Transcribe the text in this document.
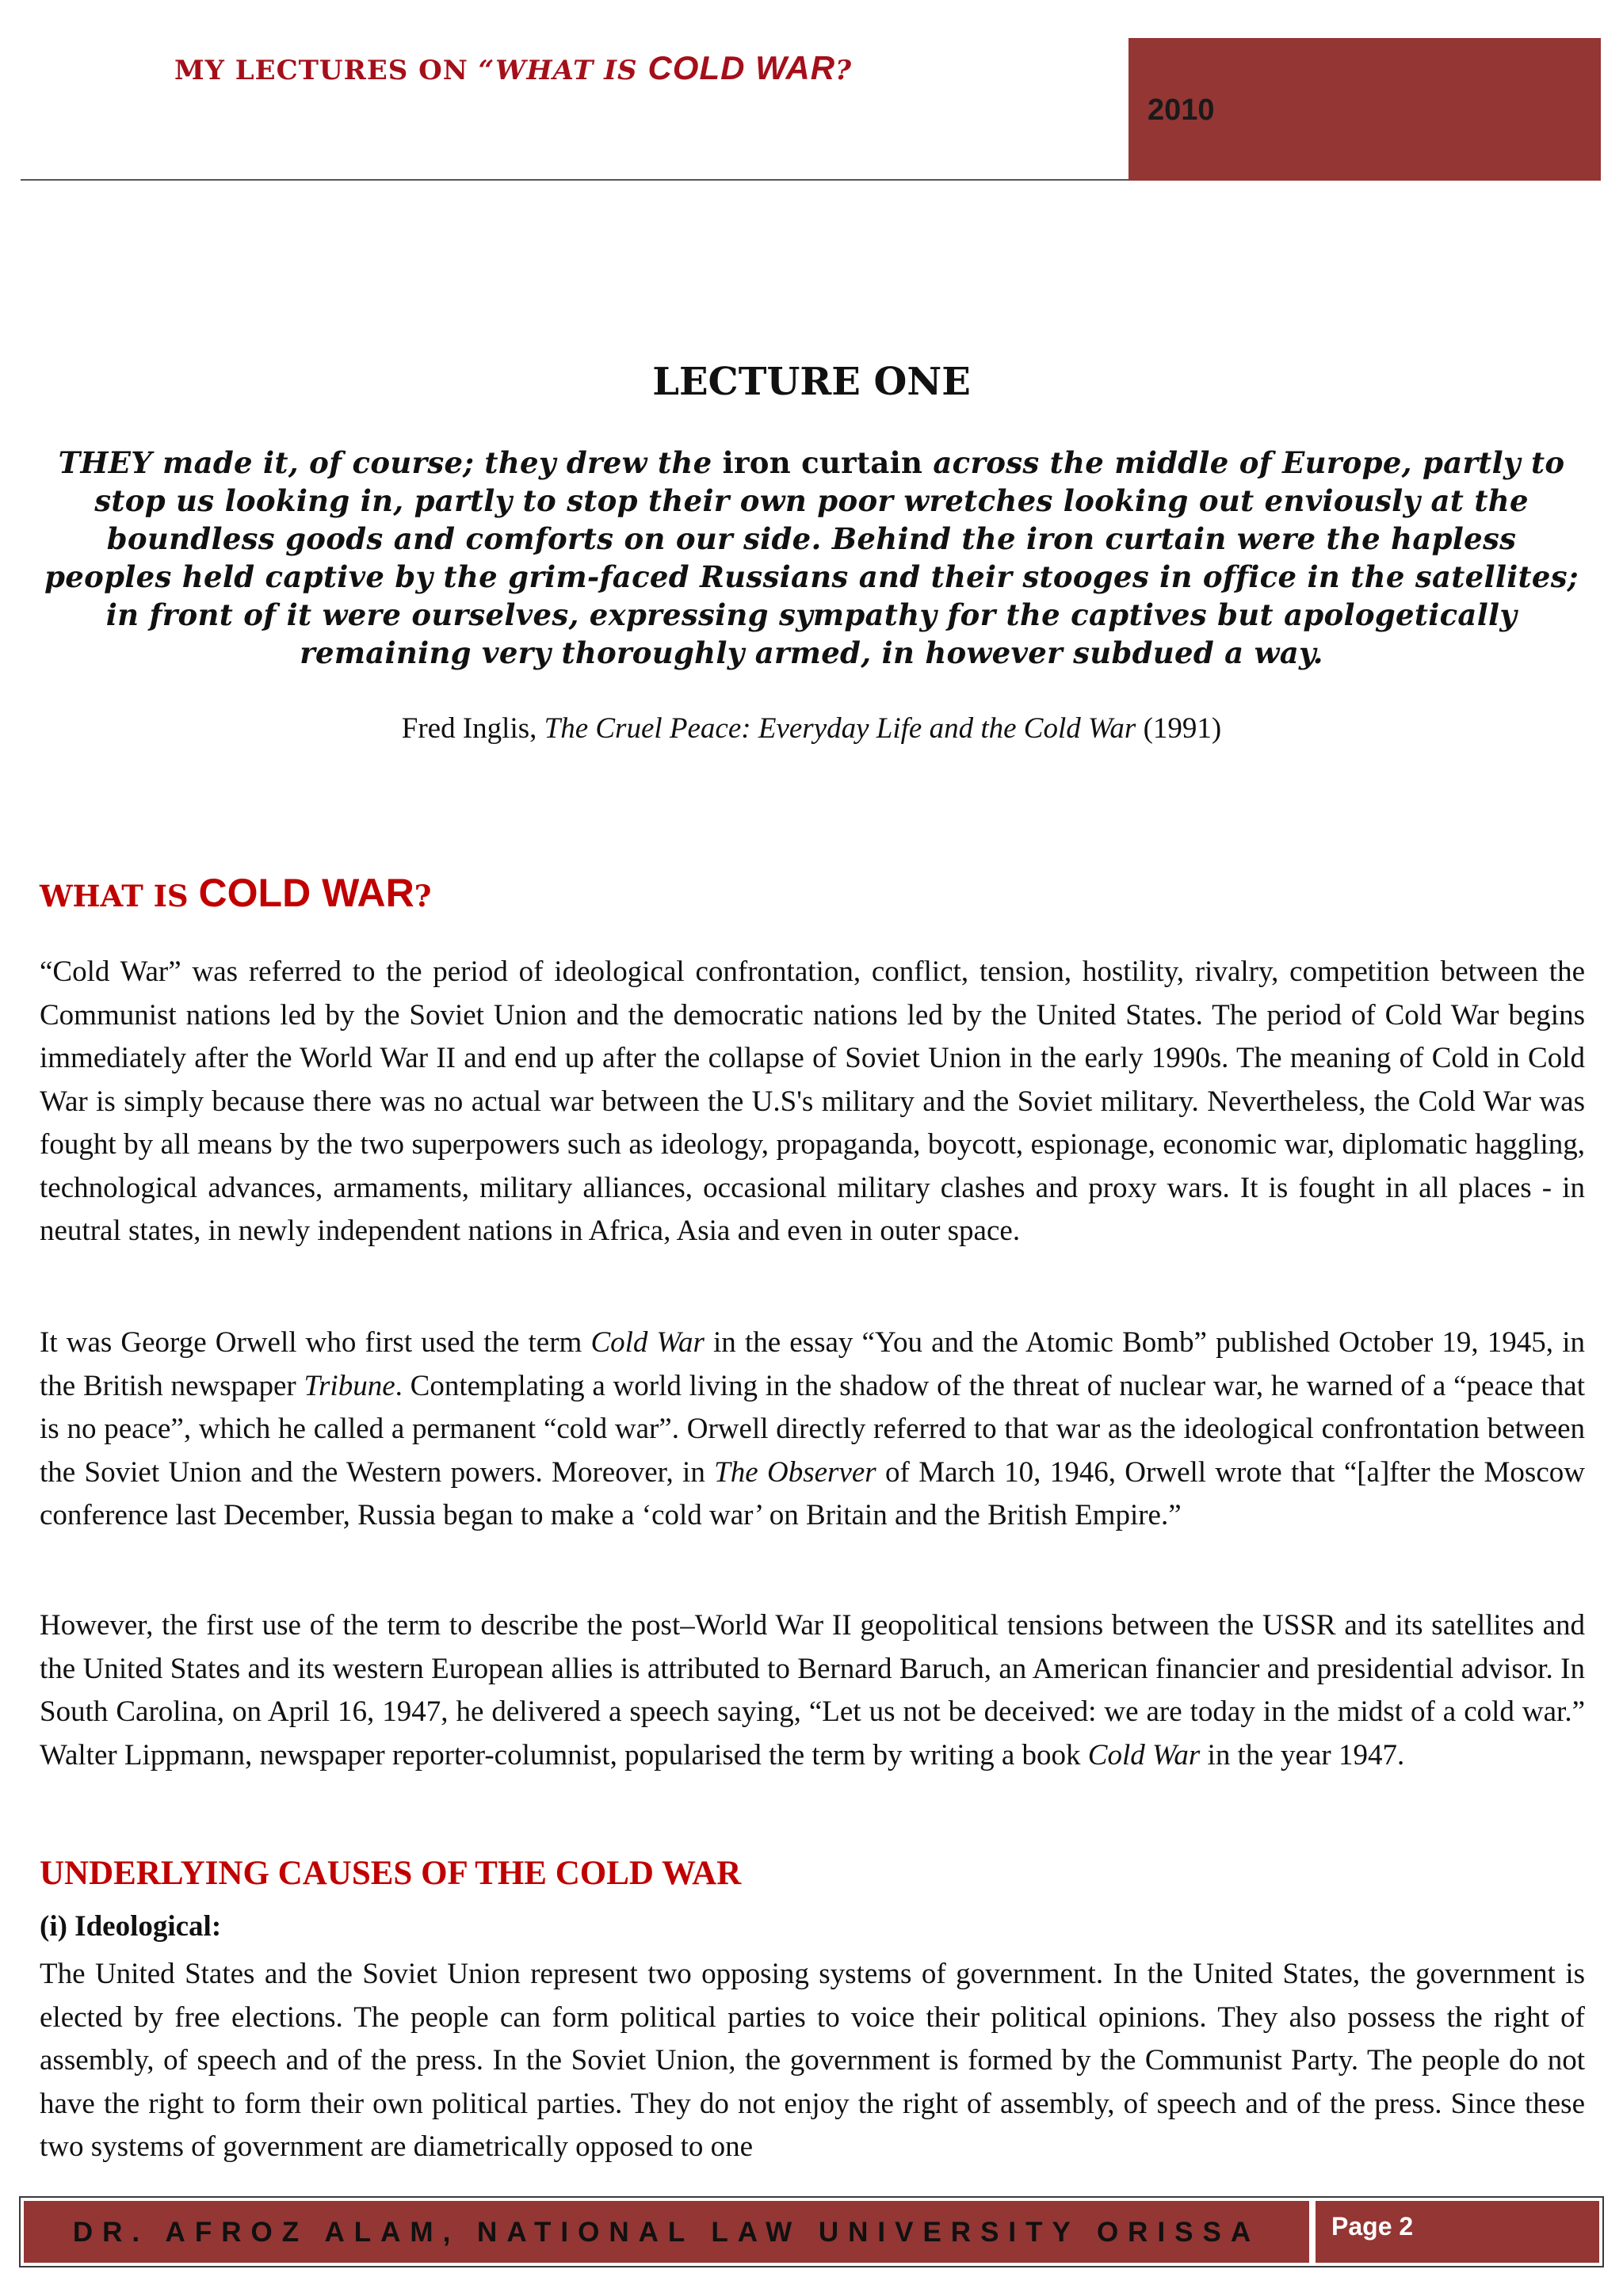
MY LECTURES ON “WHAT IS COLD WAR?
2010
LECTURE ONE
THEY made it, of course; they drew the iron curtain across the middle of Europe, partly to stop us looking in, partly to stop their own poor wretches looking out enviously at the boundless goods and comforts on our side. Behind the iron curtain were the hapless peoples held captive by the grim-faced Russians and their stooges in office in the satellites; in front of it were ourselves, expressing sympathy for the captives but apologetically remaining very thoroughly armed, in however subdued a way.
Fred Inglis, The Cruel Peace: Everyday Life and the Cold War (1991)
WHAT IS COLD WAR?

“Cold War” was referred to the period of ideological confrontation, conflict, tension, hostility, rivalry, competition between the Communist nations led by the Soviet Union and the democratic nations led by the United States. The period of Cold War begins immediately after the World War II and end up after the collapse of Soviet Union in the early 1990s. The meaning of Cold in Cold War is simply because there was no actual war between the U.S's military and the Soviet military. Nevertheless, the Cold War was fought by all means by the two superpowers such as ideology, propaganda, boycott, espionage, economic war, diplomatic haggling, technological advances, armaments, military alliances, occasional military clashes and proxy wars. It is fought in all places - in neutral states, in newly independent nations in Africa, Asia and even in outer space.

It was George Orwell who first used the term Cold War in the essay “You and the Atomic Bomb” published October 19, 1945, in the British newspaper Tribune. Contemplating a world living in the shadow of the threat of nuclear war, he warned of a “peace that is no peace”, which he called a permanent “cold war”. Orwell directly referred to that war as the ideological confrontation between the Soviet Union and the Western powers. Moreover, in The Observer of March 10, 1946, Orwell wrote that “[a]fter the Moscow conference last December, Russia began to make a ‘cold war’ on Britain and the British Empire.”

However, the first use of the term to describe the post–World War II geopolitical tensions between the USSR and its satellites and the United States and its western European allies is attributed to Bernard Baruch, an American financier and presidential advisor. In South Carolina, on April 16, 1947, he delivered a speech saying, “Let us not be deceived: we are today in the midst of a cold war.” Walter Lippmann, newspaper reporter-columnist, popularised the term by writing a book Cold War in the year 1947.

UNDERLYING CAUSES OF THE COLD WAR
(i) Ideological:

The United States and the Soviet Union represent two opposing systems of government. In the United States, the government is elected by free elections. The people can form political parties to voice their political opinions. They also possess the right of assembly, of speech and of the press. In the Soviet Union, the government is formed by the Communist Party. The people do not have the right to form their own political parties. They do not enjoy the right of assembly, of speech and of the press. Since these two systems of government are diametrically opposed to one

DR. AFROZ ALAM, NATIONAL LAW UNIVERSITY ORISSA	Page 2
